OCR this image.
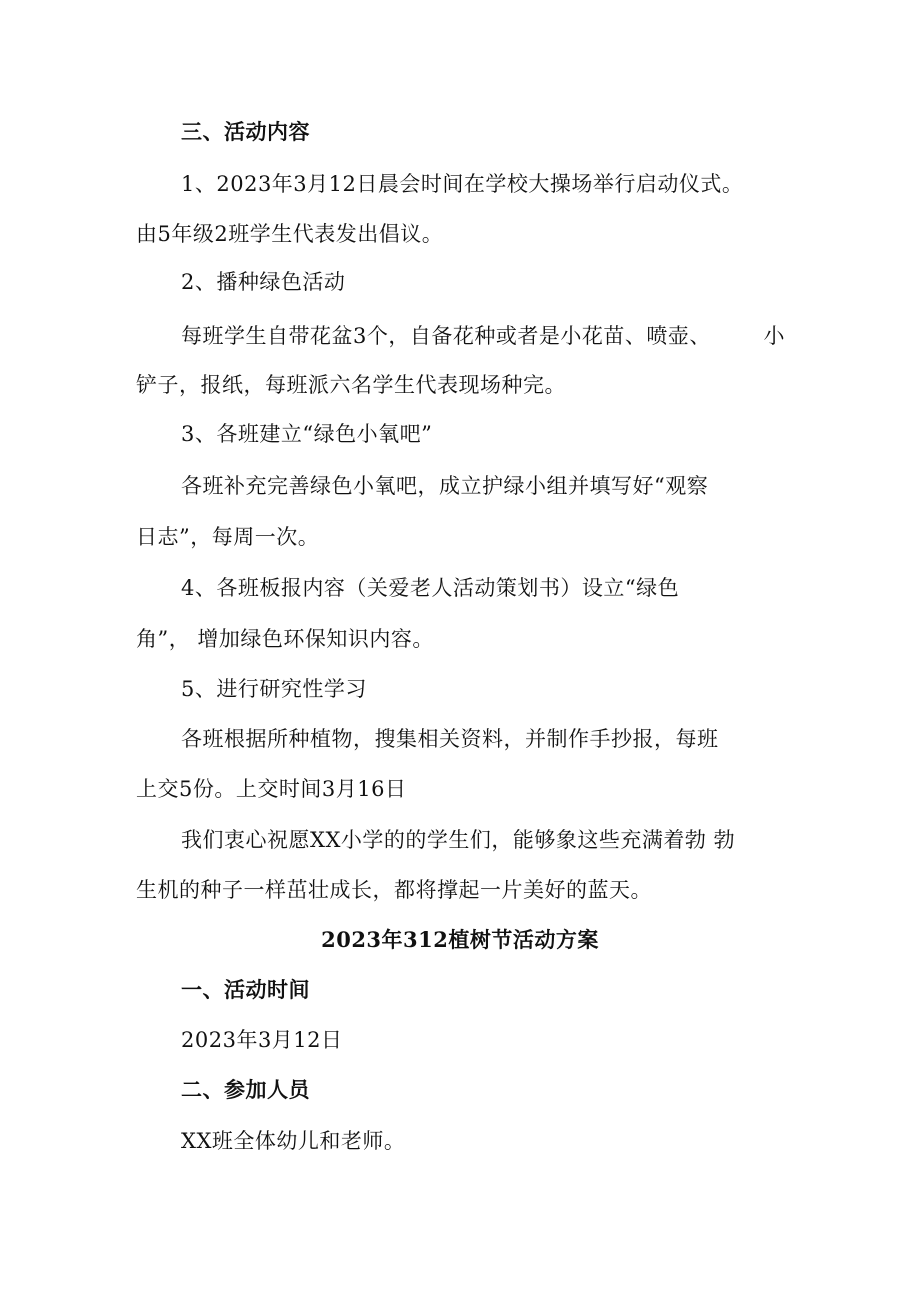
三、活动内容
1、2023年3月12日晨会时间在学校大操场举行启动仪式。
由5年级2班学生代表发出倡议。
2、播种绿色活动
每班学生自带花盆3个，自备花种或者是小花苗、喷壶、	小
铲子，报纸，每班派六名学生代表现场种完。
3、各班建立“绿色小氧吧”
各班补充完善绿色小氧吧，成立护绿小组并填写好“观察
日志”，每周一次。
4、各班板报内容（关爱老人活动策划书）设立“绿色
角”， 增加绿色环保知识内容。
5、进行研究性学习
各班根据所种植物，搜集相关资料，并制作手抄报，每班
上交5份。上交时间3月16日
我们衷心祝愿XX小学的的学生们，能够象这些充满着勃 勃
生机的种子一样茁壮成长，都将撑起一片美好的蓝天。
2023年312植树节活动方案
一、活动时间
2023年3月12日
二、参加人员
XX班全体幼儿和老师。
